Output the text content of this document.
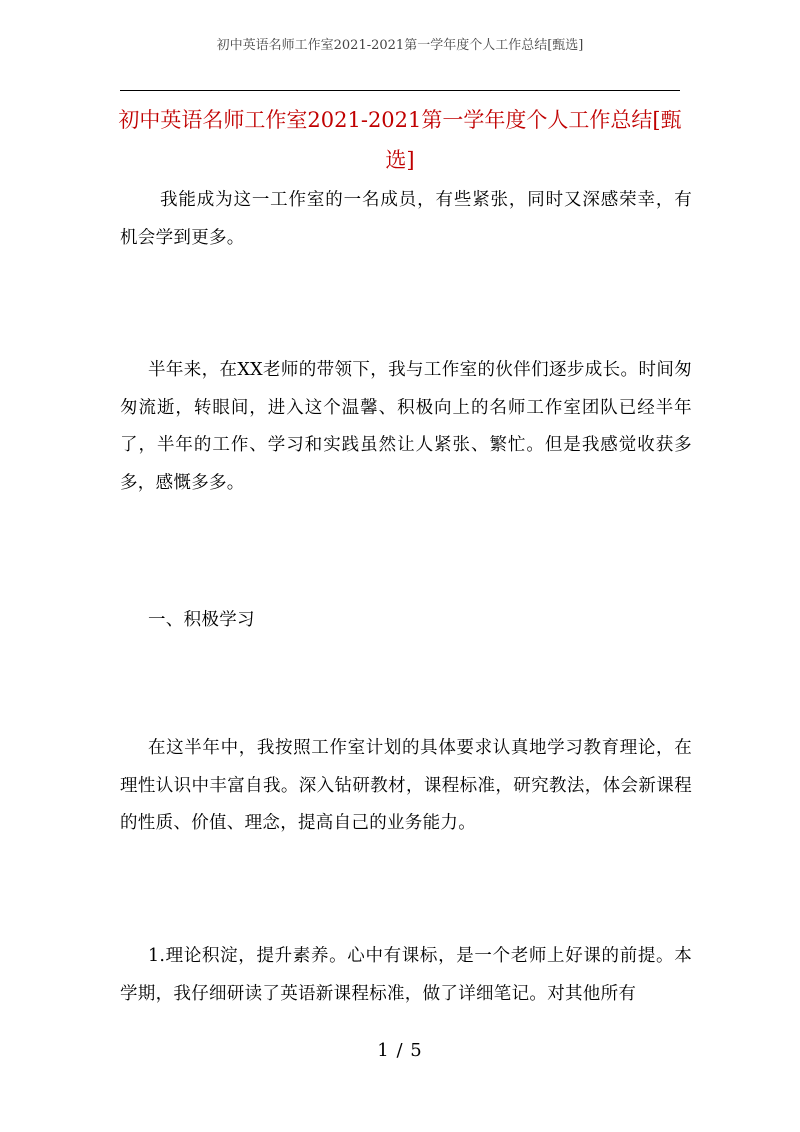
初中英语名师工作室2021-2021第一学年度个人工作总结[甄选]
初中英语名师工作室2021-2021第一学年度个人工作总结[甄选]

我能成为这一工作室的一名成员，有些紧张，同时又深感荣幸，有机会学到更多。

半年来，在XX老师的带领下，我与工作室的伙伴们逐步成长。时间匆匆流逝，转眼间，进入这个温馨、积极向上的名师工作室团队已经半年了，半年的工作、学习和实践虽然让人紧张、繁忙。但是我感觉收获多多，感慨多多。

一、积极学习

在这半年中，我按照工作室计划的具体要求认真地学习教育理论，在理性认识中丰富自我。深入钻研教材，课程标准，研究教法，体会新课程的性质、价值、理念，提高自己的业务能力。

1.理论积淀，提升素养。心中有课标，是一个老师上好课的前提。本学期，我仔细研读了英语新课程标准，做了详细笔记。对其他所有

1 / 5
